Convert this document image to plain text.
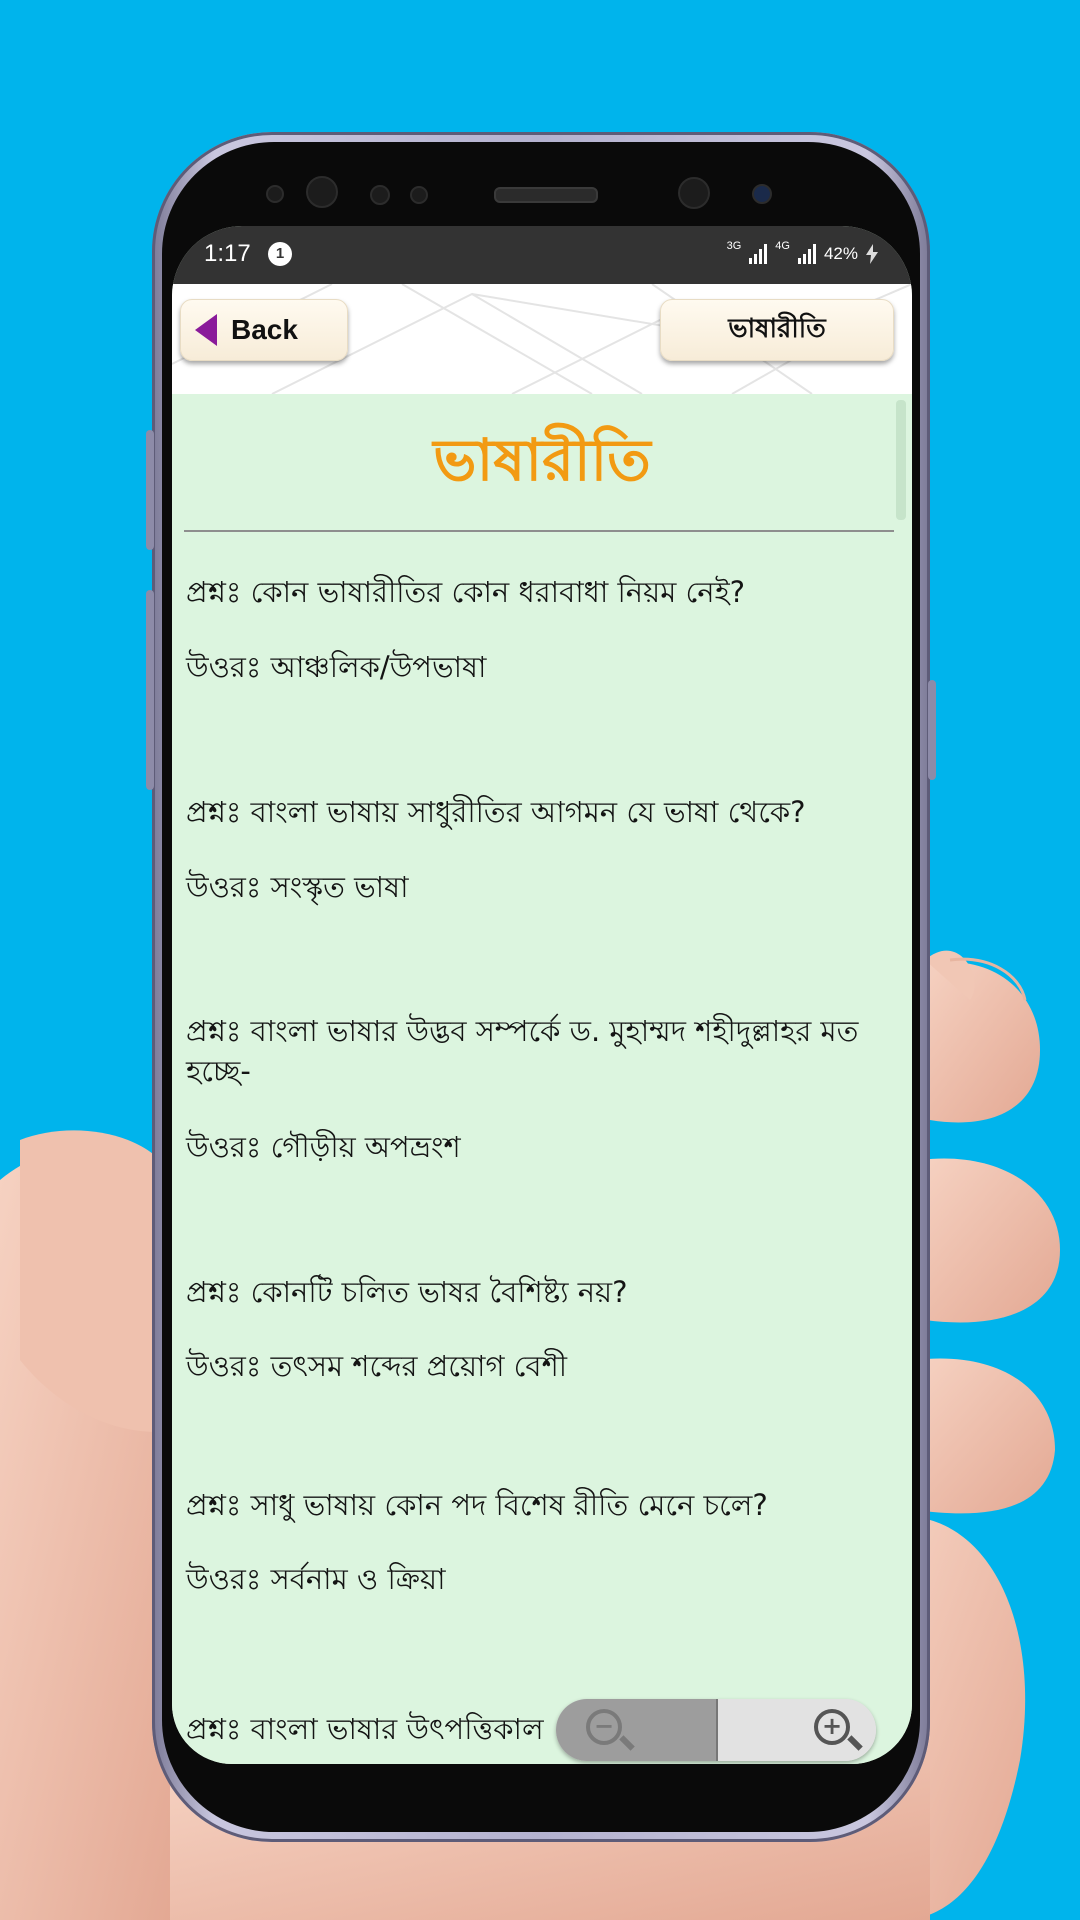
1:17	1	3G	4G 42%
Back	ভাষারীতি
ভাষারীতি
প্রশ্নঃ কোন ভাষারীতির কোন ধরাবাধা নিয়ম নেই?
উওরঃ আঞ্চলিক/উপভাষা
প্রশ্নঃ বাংলা ভাষায় সাধুরীতির আগমন যে ভাষা থেকে?
উওরঃ সংস্কৃত ভাষা
প্রশ্নঃ বাংলা ভাষার উদ্ভব সম্পর্কে ড. মুহাম্মদ শহীদুল্লাহর মত হচ্ছে-
উওরঃ গৌড়ীয় অপভ্রংশ
প্রশ্নঃ কোনটি চলিত ভাষর বৈশিষ্ট্য নয়?
উওরঃ তৎসম শব্দের প্রয়োগ বেশী
প্রশ্নঃ সাধু ভাষায় কোন পদ বিশেষ রীতি মেনে চলে?
উওরঃ সর্বনাম ও ক্রিয়া
প্রশ্নঃ বাংলা ভাষার উৎপত্তিকাল	−	+
